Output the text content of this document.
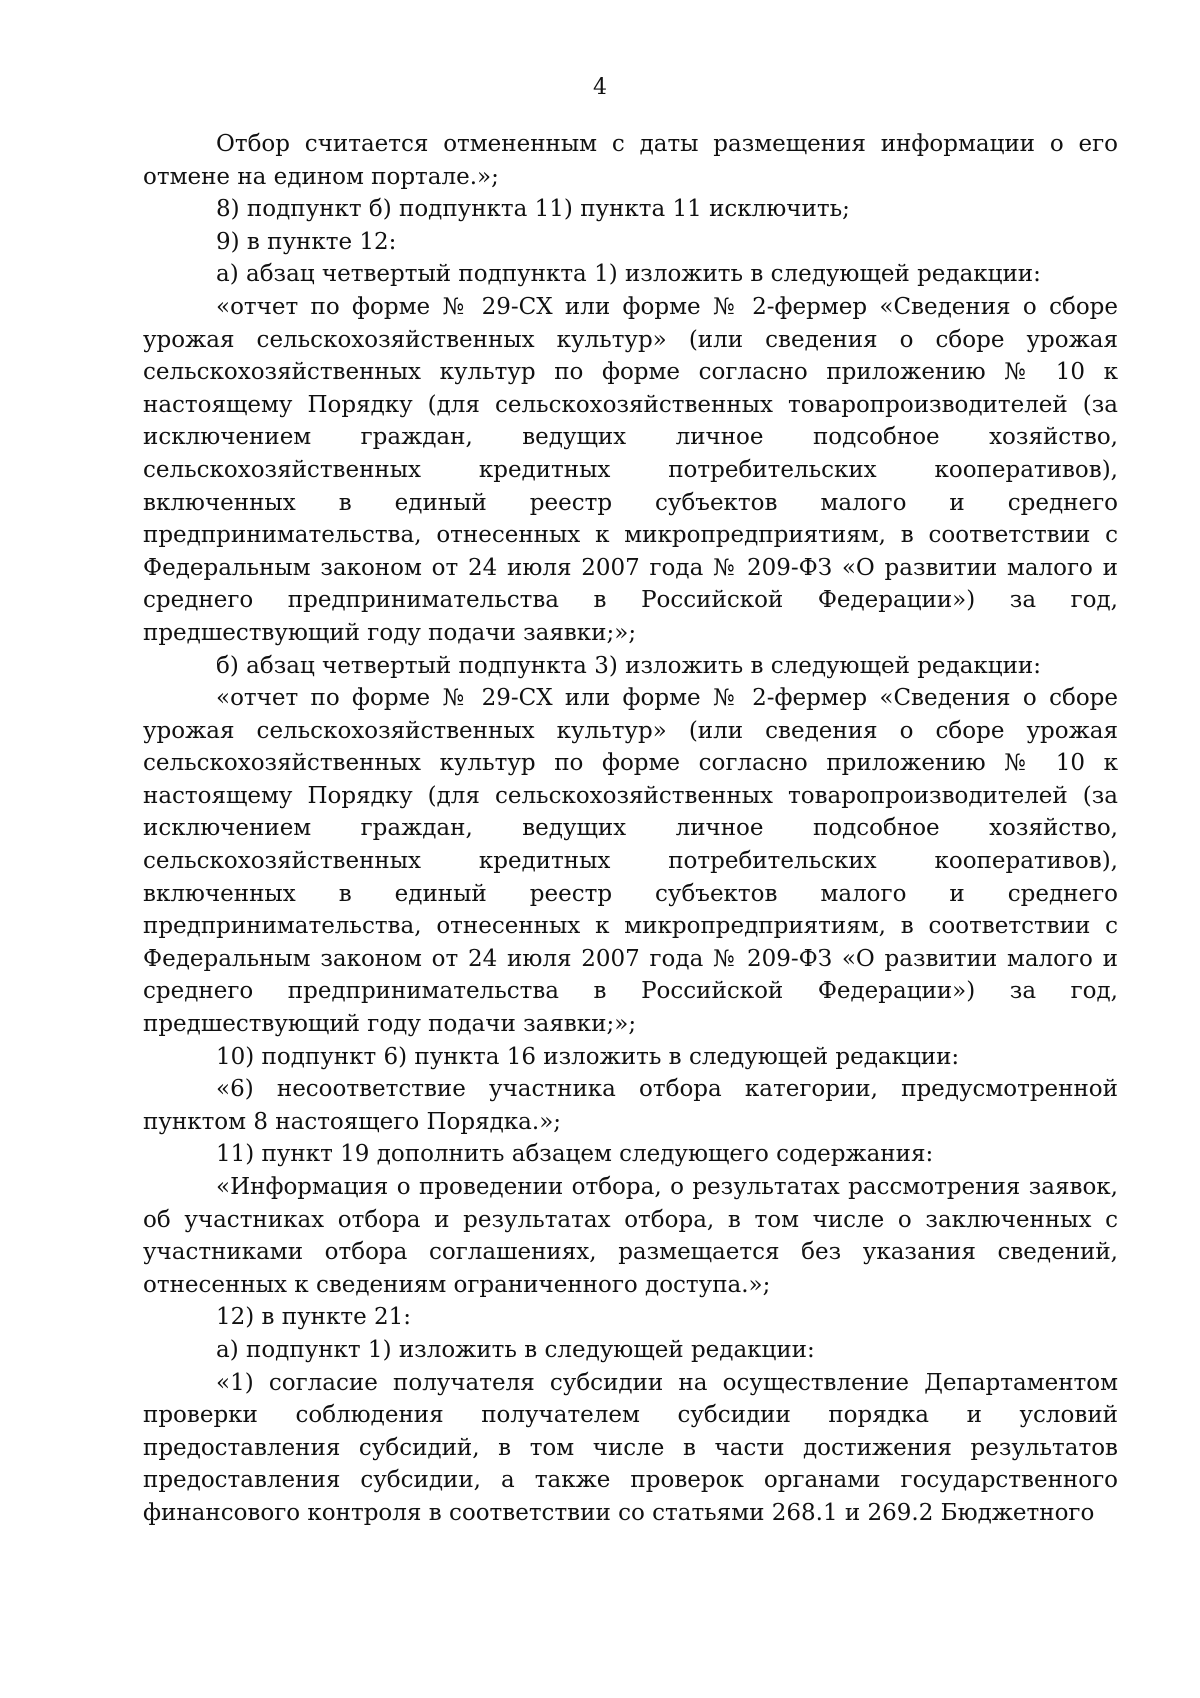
4

Отбор считается отмененным с даты размещения информации о его отмене на едином портале.»;

8) подпункт б) подпункта 11) пункта 11 исключить;

9) в пункте 12:

а) абзац четвертый подпункта 1) изложить в следующей редакции:

«отчет по форме № 29-СХ или форме № 2-фермер «Сведения о сборе урожая сельскохозяйственных культур» (или сведения о сборе урожая сельскохозяйственных культур по форме согласно приложению № 10 к настоящему Порядку (для сельскохозяйственных товаропроизводителей (за исключением граждан, ведущих личное подсобное хозяйство, сельскохозяйственных кредитных потребительских кооперативов), включенных в единый реестр субъектов малого и среднего предпринимательства, отнесенных к микропредприятиям, в соответствии с Федеральным законом от 24 июля 2007 года № 209-ФЗ «О развитии малого и среднего предпринимательства в Российской Федерации») за год, предшествующий году подачи заявки;»;

б) абзац четвертый подпункта 3) изложить в следующей редакции:

«отчет по форме № 29-СХ или форме № 2-фермер «Сведения о сборе урожая сельскохозяйственных культур» (или сведения о сборе урожая сельскохозяйственных культур по форме согласно приложению № 10 к настоящему Порядку (для сельскохозяйственных товаропроизводителей (за исключением граждан, ведущих личное подсобное хозяйство, сельскохозяйственных кредитных потребительских кооперативов), включенных в единый реестр субъектов малого и среднего предпринимательства, отнесенных к микропредприятиям, в соответствии с Федеральным законом от 24 июля 2007 года № 209-ФЗ «О развитии малого и среднего предпринимательства в Российской Федерации») за год, предшествующий году подачи заявки;»;

10) подпункт 6) пункта 16 изложить в следующей редакции:

«6) несоответствие участника отбора категории, предусмотренной пунктом 8 настоящего Порядка.»;

11) пункт 19 дополнить абзацем следующего содержания:

«Информация о проведении отбора, о результатах рассмотрения заявок, об участниках отбора и результатах отбора, в том числе о заключенных с участниками отбора соглашениях, размещается без указания сведений, отнесенных к сведениям ограниченного доступа.»;

12) в пункте 21:

а) подпункт 1) изложить в следующей редакции:

«1) согласие получателя субсидии на осуществление Департаментом проверки соблюдения получателем субсидии порядка и условий предоставления субсидий, в том числе в части достижения результатов предоставления субсидии, а также проверок органами государственного финансового контроля в соответствии со статьями 268.1 и 269.2 Бюджетного
